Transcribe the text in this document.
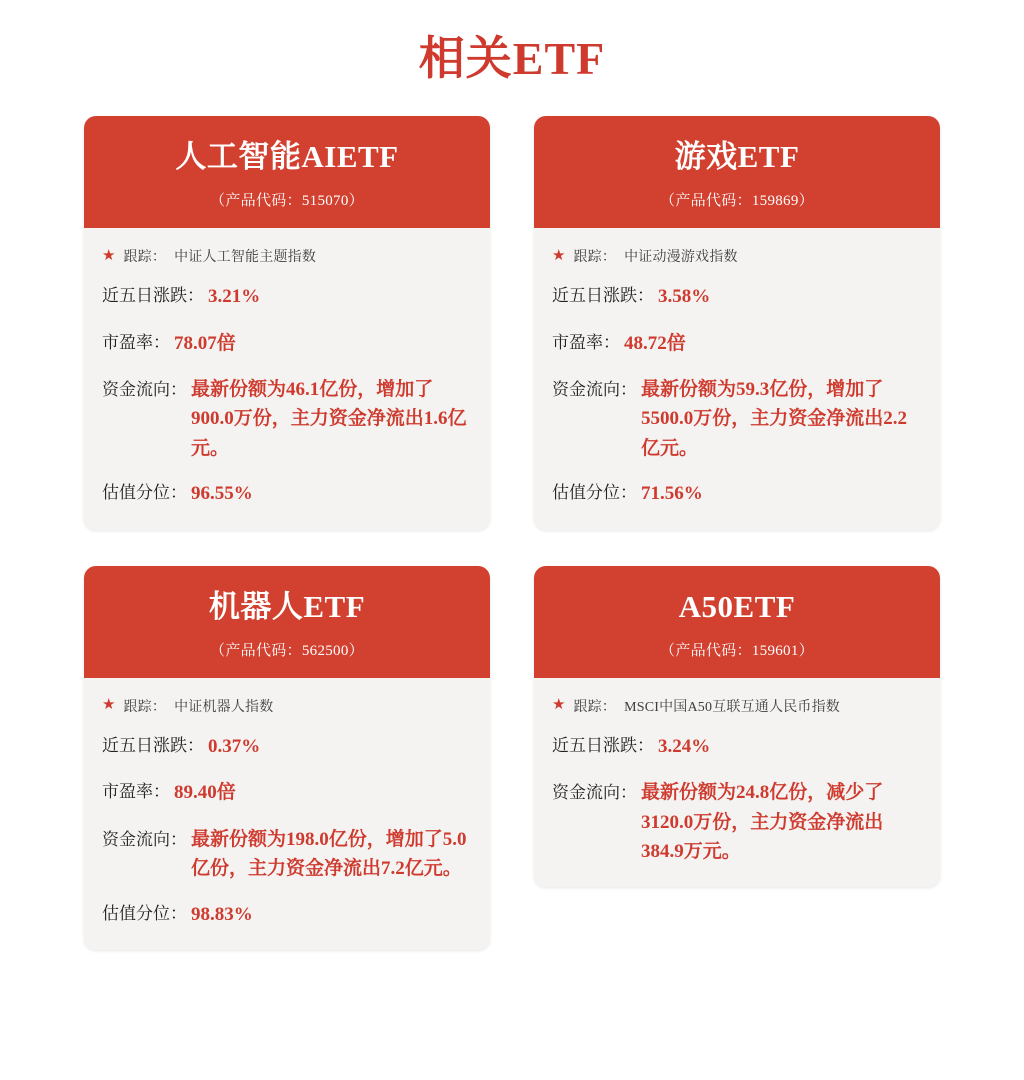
相关ETF
人工智能AIETF
（产品代码：515070）
★ 跟踪： 中证人工智能主题指数
近五日涨跌： 3.21%
市盈率： 78.07倍
资金流向： 最新份额为46.1亿份，增加了900.0万份，主力资金净流出1.6亿元。
估值分位： 96.55%
游戏ETF
（产品代码：159869）
★ 跟踪： 中证动漫游戏指数
近五日涨跌： 3.58%
市盈率： 48.72倍
资金流向： 最新份额为59.3亿份，增加了5500.0万份，主力资金净流出2.2亿元。
估值分位： 71.56%
机器人ETF
（产品代码：562500）
★ 跟踪： 中证机器人指数
近五日涨跌： 0.37%
市盈率： 89.40倍
资金流向： 最新份额为198.0亿份，增加了5.0亿份，主力资金净流出7.2亿元。
估值分位： 98.83%
A50ETF
（产品代码：159601）
★ 跟踪： MSCI中国A50互联互通人民币指数
近五日涨跌： 3.24%
资金流向： 最新份额为24.8亿份，减少了3120.0万份，主力资金净流出384.9万元。
